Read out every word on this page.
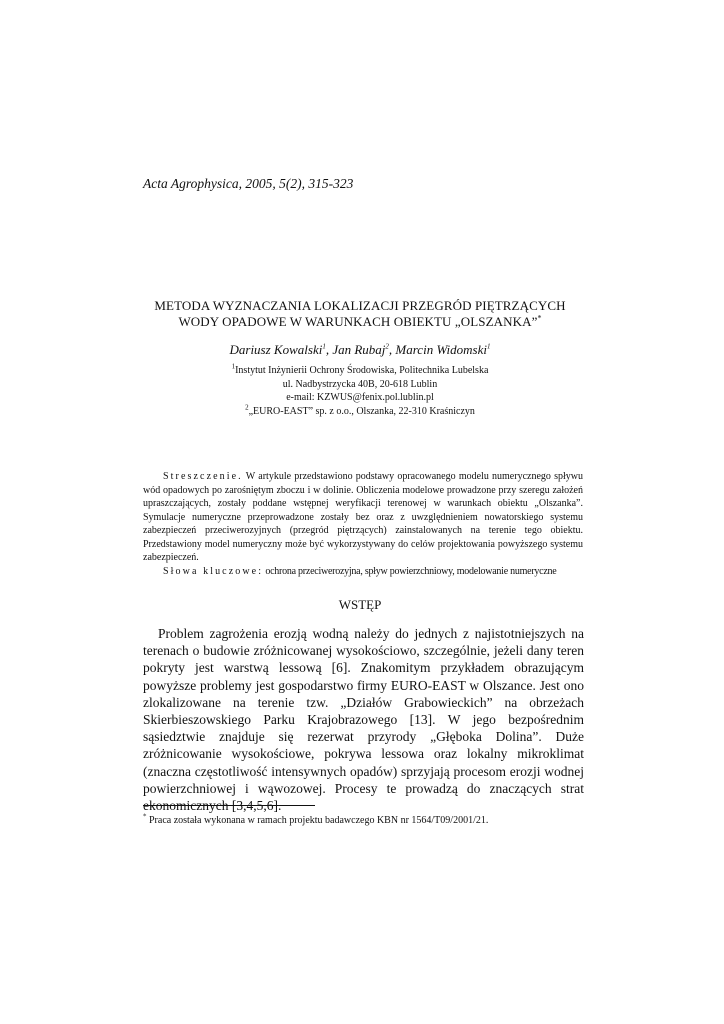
Acta Agrophysica, 2005, 5(2), 315-323
METODA WYZNACZANIA LOKALIZACJI PRZEGRÓD PIĘTRZĄCYCH
WODY OPADOWE W WARUNKACH OBIEKTU „OLSZANKA”*
Dariusz Kowalski$^1$, Jan Rubaj$^2$, Marcin Widomski$^1$
$^1$Instytut Inżynierii Ochrony Środowiska, Politechnika Lubelska
ul. Nadbystrzycka 40B, 20-618 Lublin
e-mail: KZWUS@fenix.pol.lublin.pl
$^2$„EURO-EAST” sp. z o.o., Olszanka, 22-310 Kraśniczyn

Streszczenie. W artykule przedstawiono podstawy opracowanego modelu numerycznego spływu wód opadowych po zarośniętym zboczu i w dolinie. Obliczenia modelowe prowadzone przy szeregu założeń upraszczających, zostały poddane wstępnej weryfikacji terenowej w warunkach obiektu „Olszanka”. Symulacje numeryczne przeprowadzone zostały bez oraz z uwzględnieniem nowatorskiego systemu zabezpieczeń przeciwerozyjnych (przegród piętrzących) zainstalowanych na terenie tego obiektu. Przedstawiony model numeryczny może być wykorzystywany do celów projektowania powyższego systemu zabezpieczeń.

Słowa kluczowe: ochrona przeciwerozyjna, spływ powierzchniowy, modelowanie numeryczne
WSTĘP

Problem zagrożenia erozją wodną należy do jednych z najistotniejszych na terenach o budowie zróżnicowanej wysokościowo, szczególnie, jeżeli dany teren pokryty jest warstwą lessową [6]. Znakomitym przykładem obrazującym powyższe problemy jest gospodarstwo firmy EURO-EAST w Olszance. Jest ono zlokalizowane na terenie tzw. „Działów Grabowieckich” na obrzeżach Skierbieszowskiego Parku Krajobrazowego [13]. W jego bezpośrednim sąsiedztwie znajduje się rezerwat przyrody „Głęboka Dolina”. Duże zróżnicowanie wysokościowe, pokrywa lessowa oraz lokalny mikroklimat (znaczna częstotliwość intensywnych opadów) sprzyjają procesom erozji wodnej powierzchniowej i wąwozowej. Procesy te prowadzą do znaczących strat ekonomicznych [3,4,5,6].

* Praca została wykonana w ramach projektu badawczego KBN nr 1564/T09/2001/21.
